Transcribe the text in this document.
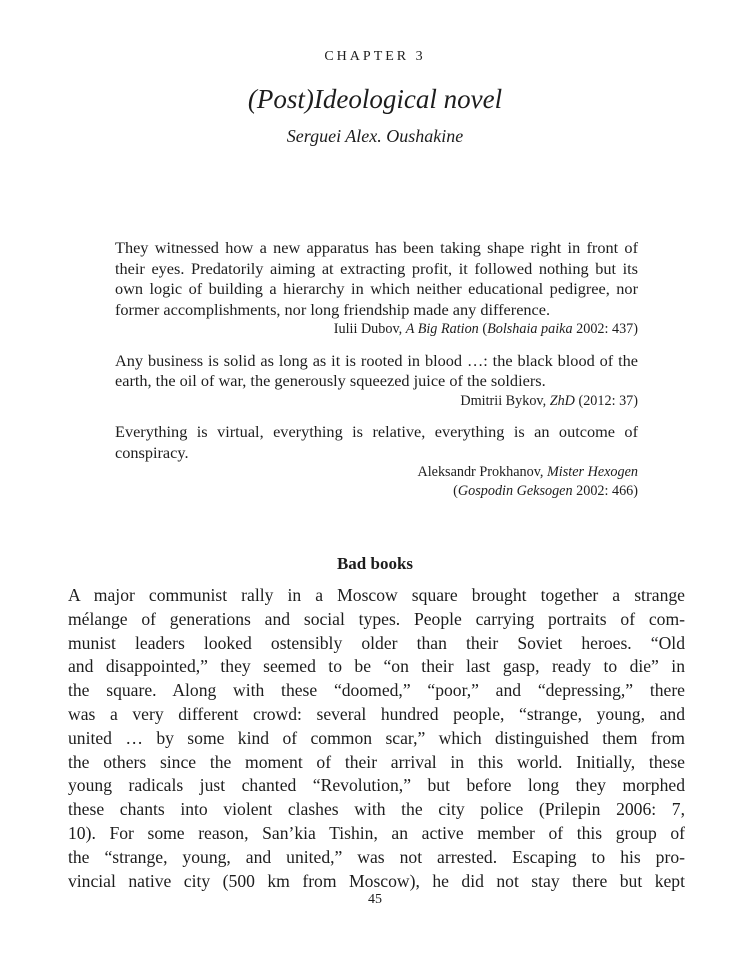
CHAPTER 3
(Post)Ideological novel
Serguei Alex. Oushakine

They witnessed how a new apparatus has been taking shape right in front of their eyes. Predatorily aiming at extracting profit, it followed nothing but its own logic of building a hierarchy in which neither educational pedigree, nor former accomplishments, nor long friendship made any difference.

Iulii Dubov, A Big Ration (Bolshaia paika 2002: 437)

Any business is solid as long as it is rooted in blood …: the black blood of the earth, the oil of war, the generously squeezed juice of the soldiers.

Dmitrii Bykov, ZhD (2012: 37)

Everything is virtual, everything is relative, everything is an outcome of conspiracy.

Aleksandr Prokhanov, Mister Hexogen
(Gospodin Geksogen 2002: 466)
Bad books
A major communist rally in a Moscow square brought together a strange
mélange of generations and social types. People carrying portraits of com-
munist leaders looked ostensibly older than their Soviet heroes. “Old
and disappointed,” they seemed to be “on their last gasp, ready to die” in
the square. Along with these “doomed,” “poor,” and “depressing,” there
was a very different crowd: several hundred people, “strange, young, and
united … by some kind of common scar,” which distinguished them from
the others since the moment of their arrival in this world. Initially, these
young radicals just chanted “Revolution,” but before long they morphed
these chants into violent clashes with the city police (Prilepin 2006: 7,
10). For some reason, San’kia Tishin, an active member of this group of
the “strange, young, and united,” was not arrested. Escaping to his pro-
vincial native city (500 km from Moscow), he did not stay there but kept
45
